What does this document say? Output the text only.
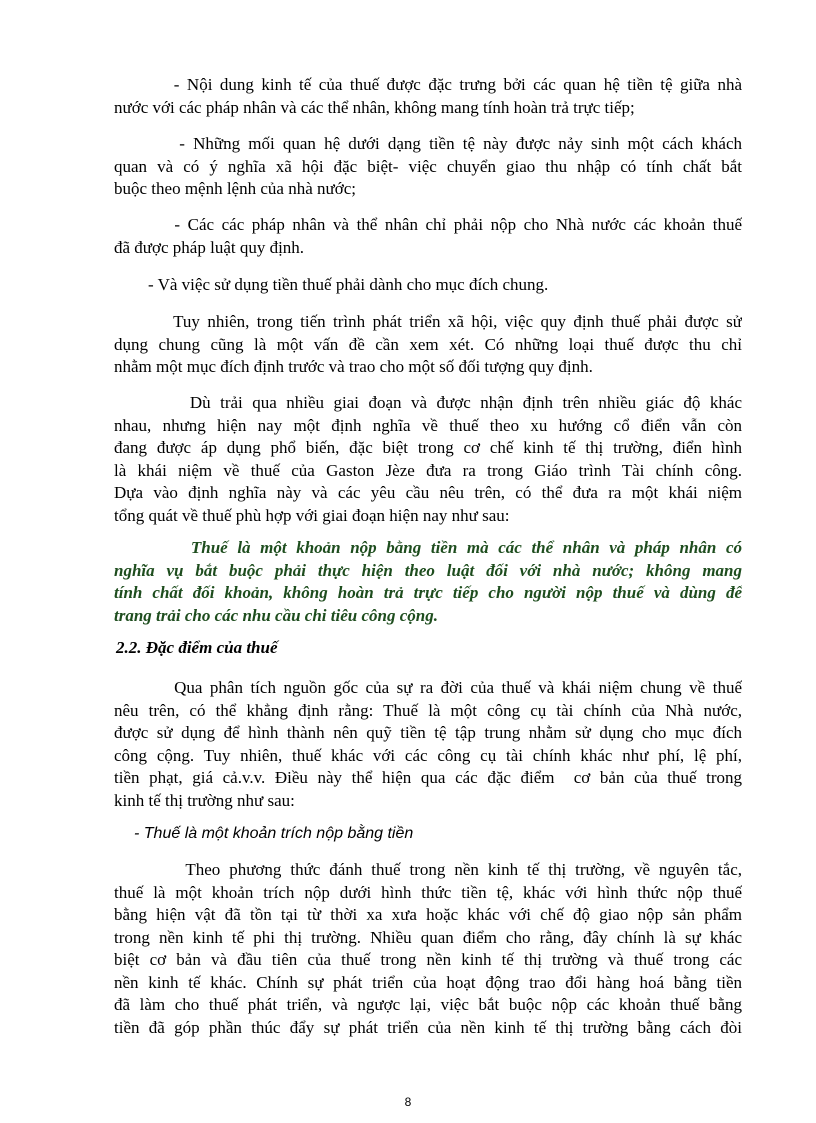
- Nội dung kinh tế của thuế được đặc trưng bởi các quan hệ tiền tệ giữa nhà
nước với các pháp nhân và các thể nhân, không mang tính hoàn trả trực tiếp;
- Những mối quan hệ dưới dạng tiền tệ này được nảy sinh một cách khách
quan và có ý nghĩa xã hội đặc biệt- việc chuyển giao thu nhập có tính chất bắt
buộc theo mệnh lệnh của nhà nước;
- Các các pháp nhân và thể nhân chỉ phải nộp cho Nhà nước các khoản thuế
đã được pháp luật quy định.
- Và việc sử dụng tiền thuế phải dành cho mục đích chung.
Tuy nhiên, trong tiến trình phát triển xã hội, việc quy định thuế phải được sử
dụng chung cũng là một vấn đề cần xem xét. Có những loại thuế được thu chỉ
nhằm một mục đích định trước và trao cho một số đối tượng quy định.
Dù trải qua nhiều giai đoạn và được nhận định trên nhiều giác độ khác
nhau, nhưng hiện nay một định nghĩa về thuế theo xu hướng cổ điển vẫn còn
đang được áp dụng phổ biến, đặc biệt trong cơ chế kinh tế thị trường, điển hình
là khái niệm về thuế của Gaston Jèze đưa ra trong Giáo trình Tài chính công.
Dựa vào định nghĩa này và các yêu cầu nêu trên, có thể đưa ra một khái niệm
tổng quát về thuế phù hợp với giai đoạn hiện nay như sau:
Thuế là một khoản nộp bằng tiền mà các thể nhân và pháp nhân có
nghĩa vụ bắt buộc phải thực hiện theo luật đối với nhà nước; không mang
tính chất đối khoản, không hoàn trả trực tiếp cho người nộp thuế và dùng để
trang trải cho các nhu cầu chi tiêu công cộng.
2.2. Đặc điểm của thuế
Qua phân tích nguồn gốc của sự ra đời của thuế và khái niệm chung về thuế
nêu trên, có thể khẳng định rằng: Thuế là một công cụ tài chính của Nhà nước,
được sử dụng để hình thành nên quỹ tiền tệ tập trung nhằm sử dụng cho mục đích
công cộng. Tuy nhiên, thuế khác với các công cụ tài chính khác như phí, lệ phí,
tiền phạt, giá cả.v.v. Điều này thể hiện qua các đặc điểm  cơ bản của thuế trong
kinh tế thị trường như sau:
- Thuế là một khoản trích nộp bằng tiền
Theo phương thức đánh thuế trong nền kinh tế thị trường, về nguyên tắc,
thuế là một khoản trích nộp dưới hình thức tiền tệ, khác với hình thức nộp thuế
bằng hiện vật đã tồn tại từ thời xa xưa hoặc khác với chế độ giao nộp sản phẩm
trong nền kinh tế phi thị trường. Nhiều quan điểm cho rằng, đây chính là sự khác
biệt cơ bản và đầu tiên của thuế trong nền kinh tế thị trường và thuế trong các
nền kinh tế khác. Chính sự phát triển của hoạt động trao đổi hàng hoá bằng tiền
đã làm cho thuế phát triển, và ngược lại, việc bắt buộc nộp các khoản thuế bằng
tiền đã góp phần thúc đẩy sự phát triển của nền kinh tế thị trường bằng cách đòi
8
